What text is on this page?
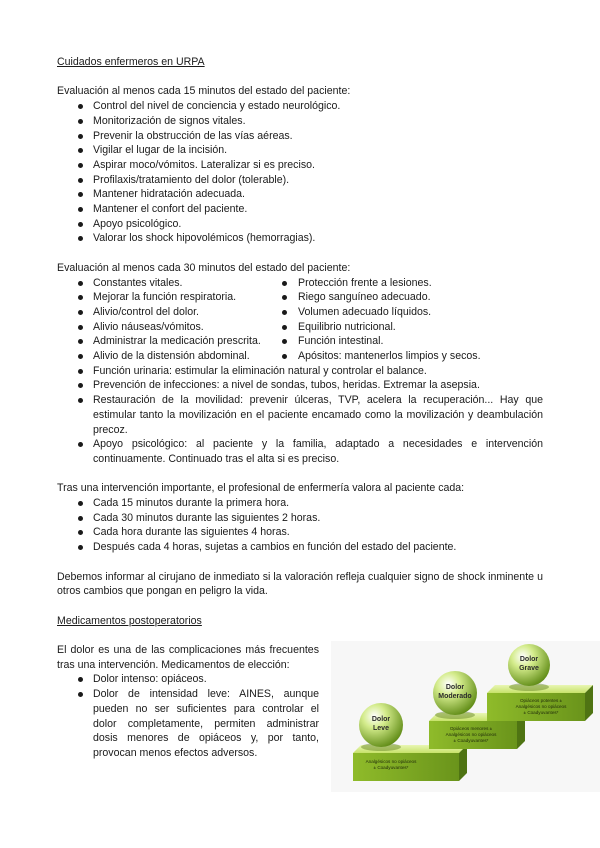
Cuidados enfermeros en URPA

Evaluación al menos cada 15 minutos del estado del paciente:

Control del nivel de conciencia y estado neurológico.
Monitorización de signos vitales.
Prevenir la obstrucción de las vías aéreas.
Vigilar el lugar de la incisión.
Aspirar moco/vómitos. Lateralizar si es preciso.
Profilaxis/tratamiento del dolor (tolerable).
Mantener hidratación adecuada.
Mantener el confort del paciente.
Apoyo psicológico.
Valorar los shock hipovolémicos (hemorragias).

Evaluación al menos cada 30 minutos del estado del paciente:

Constantes vitales.
Mejorar la función respiratoria.
Alivio/control del dolor.
Alivio náuseas/vómitos.
Administrar la medicación prescrita.
Alivio de la distensión abdominal.
Protección frente a lesiones.
Riego sanguíneo adecuado.
Volumen adecuado líquidos.
Equilibrio nutricional.
Función intestinal.
Apósitos: mantenerlos limpios y secos.
Función urinaria: estimular la eliminación natural y controlar el balance.
Prevención de infecciones: a nivel de sondas, tubos, heridas. Extremar la asepsia.
Restauración de la movilidad: prevenir úlceras, TVP, acelera la recuperación... Hay que estimular tanto la movilización en el paciente encamado como la movilización y deambulación precoz.
Apoyo psicológico: al paciente y la familia, adaptado a necesidades e intervención continuamente. Continuado tras el alta si es preciso.

Tras una intervención importante, el profesional de enfermería valora al paciente cada:

Cada 15 minutos durante la primera hora.
Cada 30 minutos durante las siguientes 2 horas.
Cada hora durante las siguientes 4 horas.
Después cada 4 horas, sujetas a cambios en función del estado del paciente.

Debemos informar al cirujano de inmediato si la valoración refleja cualquier signo de shock inminente u otros cambios que pongan en peligro la vida.

Medicamentos postoperatorios

El dolor es una de las complicaciones más frecuentes tras una intervención. Medicamentos de elección:

Dolor intenso: opiáceos.
Dolor de intensidad leve: AINES, aunque pueden no ser suficientes para controlar el dolor completamente, permiten administrar dosis menores de opiáceos y, por tanto, provocan menos efectos adversos.
Dolor
Leve
Dolor
Moderado
Dolor
Grave
Analgésicos no opiáceos
± Coadyuvantes*
Opiáceos menores ±
Analgésicos no opiáceos
± Coadyuvantes*
Opiáceos potentes ±
Analgésicos no opiáceos
± Coadyuvantes*
